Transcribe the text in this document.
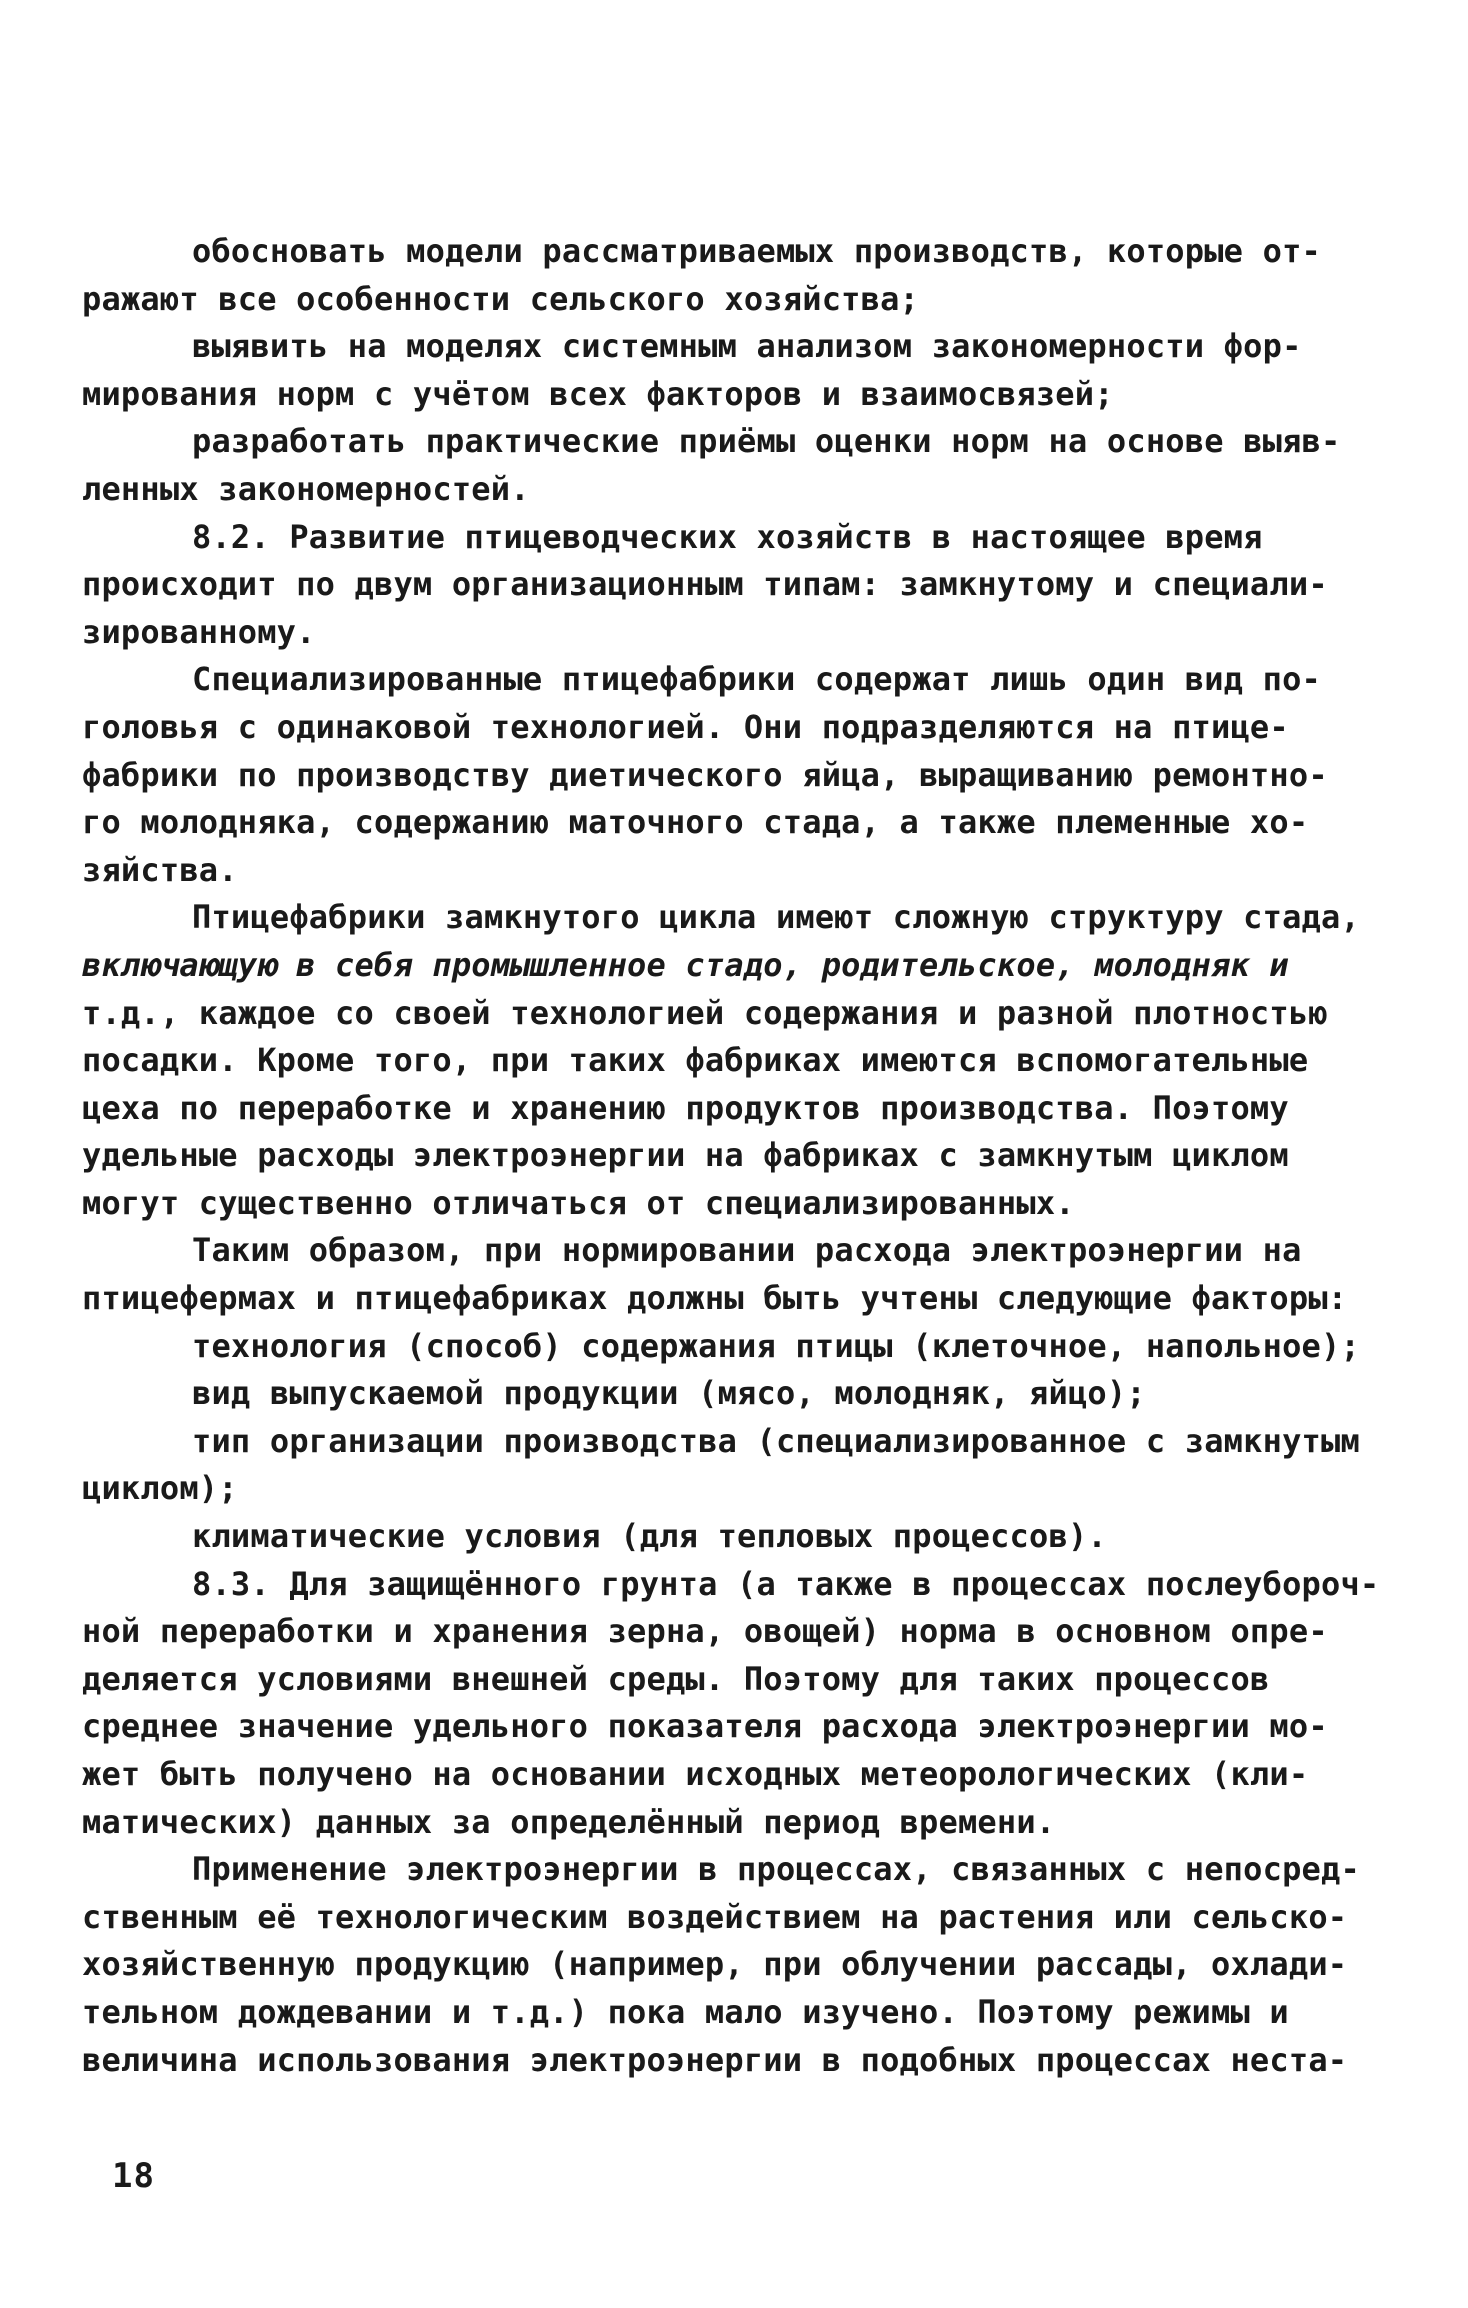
обосновать модели рассматриваемых производств, которые от-
ражают все особенности сельского хозяйства;
выявить на моделях системным анализом закономерности фор-
мирования норм с учётом всех факторов и взаимосвязей;
разработать практические приёмы оценки норм на основе выяв-
ленных закономерностей.
8.2. Развитие птицеводческих хозяйств в настоящее время
происходит по двум организационным типам: замкнутому и специали-
зированному.
Специализированные птицефабрики содержат лишь один вид по-
головья с одинаковой технологией. Они подразделяются на птице-
фабрики по производству диетического яйца, выращиванию ремонтно-
го молодняка, содержанию маточного стада, а также племенные хо-
зяйства.
Птицефабрики замкнутого цикла имеют сложную структуру стада,
включающую в себя промышленное стадо, родительское, молодняк и
т.д., каждое со своей технологией содержания и разной плотностью
посадки. Кроме того, при таких фабриках имеются вспомогательные
цеха по переработке и хранению продуктов производства. Поэтому
удельные расходы электроэнергии на фабриках с замкнутым циклом
могут существенно отличаться от специализированных.
Таким образом, при нормировании расхода электроэнергии на
птицефермах и птицефабриках должны быть учтены следующие факторы:
технология (способ) содержания птицы (клеточное, напольное);
вид выпускаемой продукции (мясо, молодняк, яйцо);
тип организации производства (специализированное с замкнутым
циклом);
климатические условия (для тепловых процессов).
8.3. Для защищённого грунта (а также в процессах послеубороч-
ной переработки и хранения зерна, овощей) норма в основном опре-
деляется условиями внешней среды. Поэтому для таких процессов
среднее значение удельного показателя расхода электроэнергии мо-
жет быть получено на основании исходных метеорологических (кли-
матических) данных за определённый период времени.
Применение электроэнергии в процессах, связанных с непосред-
ственным её технологическим воздействием на растения или сельско-
хозяйственную продукцию (например, при облучении рассады, охлади-
тельном дождевании и т.д.) пока мало изучено. Поэтому режимы и
величина использования электроэнергии в подобных процессах неста-
18
